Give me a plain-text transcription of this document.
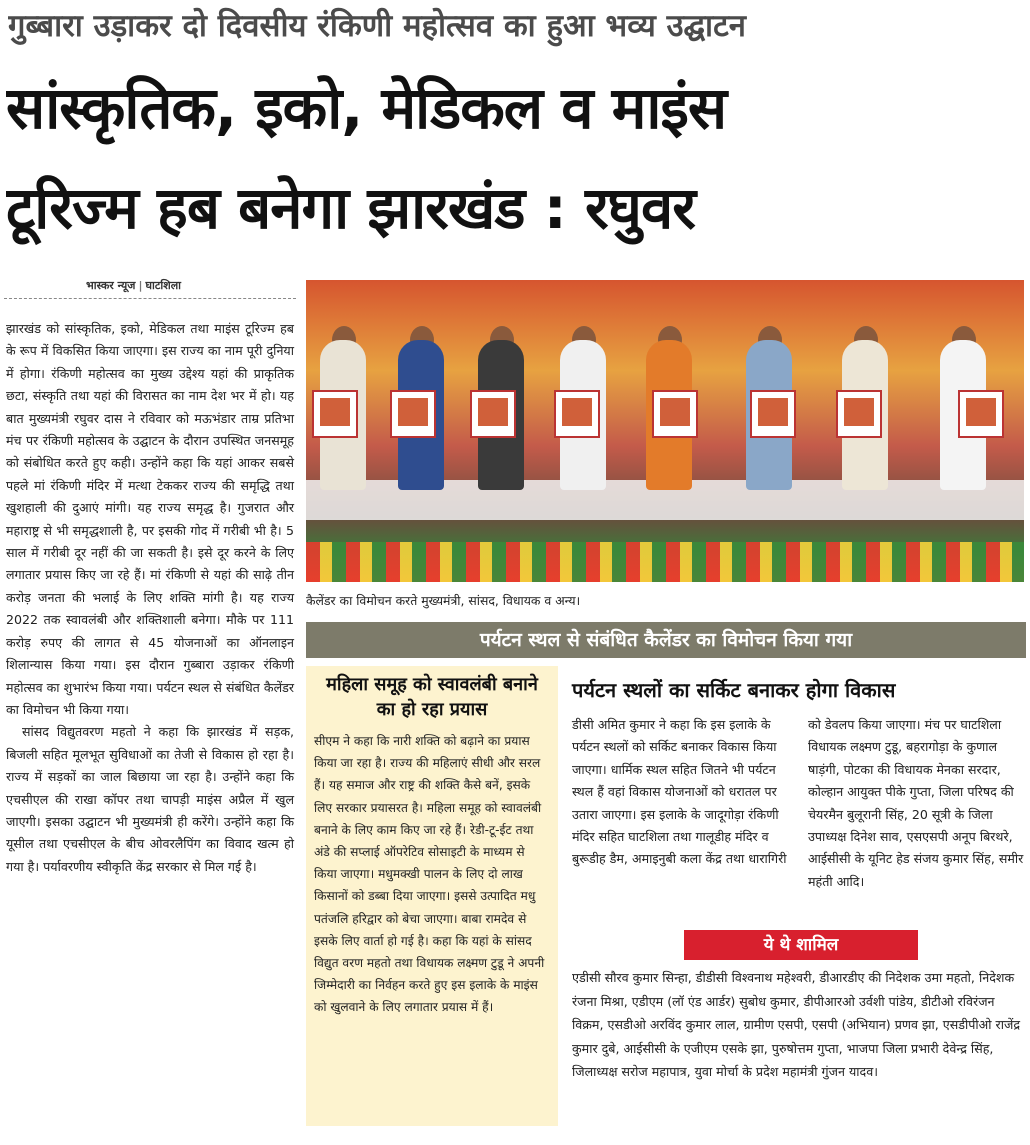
गुब्बारा उड़ाकर दो दिवसीय रंकिणी महोत्सव का हुआ भव्य उद्घाटन
सांस्कृतिक, इको, मेडिकल व माइंस
टूरिज्म हब बनेगा झारखंड : रघुवर
भास्कर न्यूज | घाटशिला

झारखंड को सांस्कृतिक, इको, मेडिकल तथा माइंस टूरिज्म हब के रूप में विकसित किया जाएगा। इस राज्य का नाम पूरी दुनिया में होगा। रंकिणी महोत्सव का मुख्य उद्देश्य यहां की प्राकृतिक छटा, संस्कृति तथा यहां की विरासत का नाम देश भर में हो। यह बात मुख्यमंत्री रघुवर दास ने रविवार को मऊभंडार ताम्र प्रतिभा मंच पर रंकिणी महोत्सव के उद्घाटन के दौरान उपस्थित जनसमूह को संबोधित करते हुए कही। उन्होंने कहा कि यहां आकर सबसे पहले मां रंकिणी मंदिर में मत्था टेककर राज्य की समृद्धि तथा खुशहाली की दुआएं मांगी। यह राज्य समृद्ध है। गुजरात और महाराष्ट्र से भी समृद्धशाली है, पर इसकी गोद में गरीबी भी है। 5 साल में गरीबी दूर नहीं की जा सकती है। इसे दूर करने के लिए लगातार प्रयास किए जा रहे हैं। मां रंकिणी से यहां की साढ़े तीन करोड़ जनता की भलाई के लिए शक्ति मांगी है। यह राज्य 2022 तक स्वावलंबी और शक्तिशाली बनेगा। मौके पर 111 करोड़ रुपए की लागत से 45 योजनाओं का ऑनलाइन शिलान्यास किया गया। इस दौरान गुब्बारा उड़ाकर रंकिणी महोत्सव का शुभारंभ किया गया। पर्यटन स्थल से संबंधित कैलेंडर का विमोचन भी किया गया।

सांसद विद्युतवरण महतो ने कहा कि झारखंड में सड़क, बिजली सहित मूलभूत सुविधाओं का तेजी से विकास हो रहा है। राज्य में सड़कों का जाल बिछाया जा रहा है। उन्होंने कहा कि एचसीएल की राखा कॉपर तथा चापड़ी माइंस अप्रैल में खुल जाएगी। इसका उद्घाटन भी मुख्यमंत्री ही करेंगे। उन्होंने कहा कि यूसील तथा एचसीएल के बीच ओवरलैपिंग का विवाद खत्म हो गया है। पर्यावरणीय स्वीकृति केंद्र सरकार से मिल गई है।

कैलेंडर का विमोचन करते मुख्यमंत्री, सांसद, विधायक व अन्य।
पर्यटन स्थल से संबंधित कैलेंडर का विमोचन किया गया
महिला समूह को स्वावलंबी बनाने का हो रहा प्रयास

सीएम ने कहा कि नारी शक्ति को बढ़ाने का प्रयास किया जा रहा है। राज्य की महिलाएं सीधी और सरल हैं। यह समाज और राष्ट्र की शक्ति कैसे बनें, इसके लिए सरकार प्रयासरत है। महिला समूह को स्वावलंबी बनाने के लिए काम किए जा रहे हैं। रेडी-टू-ईट तथा अंडे की सप्लाई ऑपरेटिव सोसाइटी के माध्यम से किया जाएगा। मधुमक्खी पालन के लिए दो लाख किसानों को डब्बा दिया जाएगा। इससे उत्पादित मधु पतंजलि हरिद्वार को बेचा जाएगा। बाबा रामदेव से इसके लिए वार्ता हो गई है। कहा कि यहां के सांसद विद्युत वरण महतो तथा विधायक लक्ष्मण टुडू ने अपनी जिम्मेदारी का निर्वहन करते हुए इस इलाके के माइंस को खुलवाने के लिए लगातार प्रयास में हैं।

पर्यटन स्थलों का सर्किट बनाकर होगा विकास

डीसी अमित कुमार ने कहा कि इस इलाके के पर्यटन स्थलों को सर्किट बनाकर विकास किया जाएगा। धार्मिक स्थल सहित जितने भी पर्यटन स्थल हैं वहां विकास योजनाओं को धरातल पर उतारा जाएगा। इस इलाके के जादूगोड़ा रंकिणी मंदिर सहित घाटशिला तथा गालूडीह मंदिर व बुरूडीह डैम, अमाइनुबी कला केंद्र तथा धारागिरी

को डेवलप किया जाएगा। मंच पर घाटशिला विधायक लक्ष्मण टुडू, बहरागोड़ा के कुणाल षाड़ंगी, पोटका की विधायक मेनका सरदार, कोल्हान आयुक्त पीके गुप्ता, जिला परिषद की चेयरमैन बुलूरानी सिंह, 20 सूत्री के जिला उपाध्यक्ष दिनेश साव, एसएसपी अनूप बिरथरे, आईसीसी के यूनिट हेड संजय कुमार सिंह, समीर महंती आदि।

ये थे शामिल

एडीसी सौरव कुमार सिन्हा, डीडीसी विश्वनाथ महेश्वरी, डीआरडीए की निदेशक उमा महतो, निदेशक रंजना मिश्रा, एडीएम (लॉ एंड आर्डर) सुबोध कुमार, डीपीआरओ उर्वशी पांडेय, डीटीओ रविरंजन विक्रम, एसडीओ अरविंद कुमार लाल, ग्रामीण एसपी, एसपी (अभियान) प्रणव झा, एसडीपीओ राजेंद्र कुमार दुबे, आईसीसी के एजीएम एसके झा, पुरुषोत्तम गुप्ता, भाजपा जिला प्रभारी देवेन्द्र सिंह, जिलाध्यक्ष सरोज महापात्र, युवा मोर्चा के प्रदेश महामंत्री गुंजन यादव।
